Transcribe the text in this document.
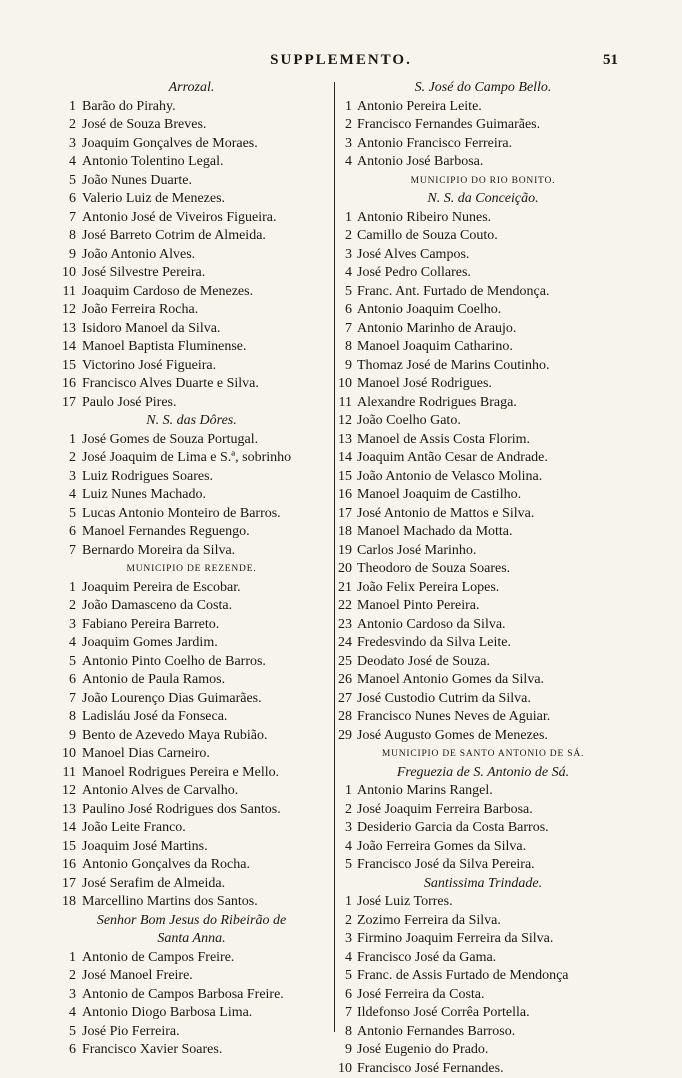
SUPPLEMENTO.	51
Arrozal.
1 Barão do Pirahy.
2 José de Souza Breves.
3 Joaquim Gonçalves de Moraes.
4 Antonio Tolentino Legal.
5 João Nunes Duarte.
6 Valerio Luiz de Menezes.
7 Antonio José de Viveiros Figueira.
8 José Barreto Cotrim de Almeida.
9 João Antonio Alves.
10 José Silvestre Pereira.
11 Joaquim Cardoso de Menezes.
12 João Ferreira Rocha.
13 Isidoro Manoel da Silva.
14 Manoel Baptista Fluminense.
15 Victorino José Figueira.
16 Francisco Alves Duarte e Silva.
17 Paulo José Pires.
N. S. das Dôres.
1 José Gomes de Souza Portugal.
2 José Joaquim de Lima e S.ª, sobrinho
3 Luiz Rodrigues Soares.
4 Luiz Nunes Machado.
5 Lucas Antonio Monteiro de Barros.
6 Manoel Fernandes Reguengo.
7 Bernardo Moreira da Silva.
MUNICIPIO DE REZENDE.
1 Joaquim Pereira de Escobar.
2 João Damasceno da Costa.
3 Fabiano Pereira Barreto.
4 Joaquim Gomes Jardim.
5 Antonio Pinto Coelho de Barros.
6 Antonio de Paula Ramos.
7 João Lourenço Dias Guimarães.
8 Ladisláu José da Fonseca.
9 Bento de Azevedo Maya Rubião.
10 Manoel Dias Carneiro.
11 Manoel Rodrigues Pereira e Mello.
12 Antonio Alves de Carvalho.
13 Paulino José Rodrigues dos Santos.
14 João Leite Franco.
15 Joaquim José Martins.
16 Antonio Gonçalves da Rocha.
17 José Serafim de Almeida.
18 Marcellino Martins dos Santos.
Senhor Bom Jesus do Ribeirão de
Santa Anna.
1 Antonio de Campos Freire.
2 José Manoel Freire.
3 Antonio de Campos Barbosa Freire.
4 Antonio Diogo Barbosa Lima.
5 José Pio Ferreira.
6 Francisco Xavier Soares.
S. José do Campo Bello.
1 Antonio Pereira Leite.
2 Francisco Fernandes Guimarães.
3 Antonio Francisco Ferreira.
4 Antonio José Barbosa.
MUNICIPIO DO RIO BONITO.
N. S. da Conceição.
1 Antonio Ribeiro Nunes.
2 Camillo de Souza Couto.
3 José Alves Campos.
4 José Pedro Collares.
5 Franc. Ant. Furtado de Mendonça.
6 Antonio Joaquim Coelho.
7 Antonio Marinho de Araujo.
8 Manoel Joaquim Catharino.
9 Thomaz José de Marins Coutinho.
10 Manoel José Rodrigues.
11 Alexandre Rodrigues Braga.
12 João Coelho Gato.
13 Manoel de Assis Costa Florim.
14 Joaquim Antão Cesar de Andrade.
15 João Antonio de Velasco Molina.
16 Manoel Joaquim de Castilho.
17 José Antonio de Mattos e Silva.
18 Manoel Machado da Motta.
19 Carlos José Marinho.
20 Theodoro de Souza Soares.
21 João Felix Pereira Lopes.
22 Manoel Pinto Pereira.
23 Antonio Cardoso da Silva.
24 Fredesvindo da Silva Leite.
25 Deodato José de Souza.
26 Manoel Antonio Gomes da Silva.
27 José Custodio Cutrim da Silva.
28 Francisco Nunes Neves de Aguiar.
29 José Augusto Gomes de Menezes.
MUNICIPIO DE SANTO ANTONIO DE SÁ.
Freguezia de S. Antonio de Sá.
1 Antonio Marins Rangel.
2 José Joaquim Ferreira Barbosa.
3 Desiderio Garcia da Costa Barros.
4 João Ferreira Gomes da Silva.
5 Francisco José da Silva Pereira.
Santissima Trindade.
1 José Luiz Torres.
2 Zozimo Ferreira da Silva.
3 Firmino Joaquim Ferreira da Silva.
4 Francisco José da Gama.
5 Franc. de Assis Furtado de Mendonça
6 José Ferreira da Costa.
7 Ildefonso José Corrêa Portella.
8 Antonio Fernandes Barroso.
9 José Eugenio do Prado.
10 Francisco José Fernandes.
